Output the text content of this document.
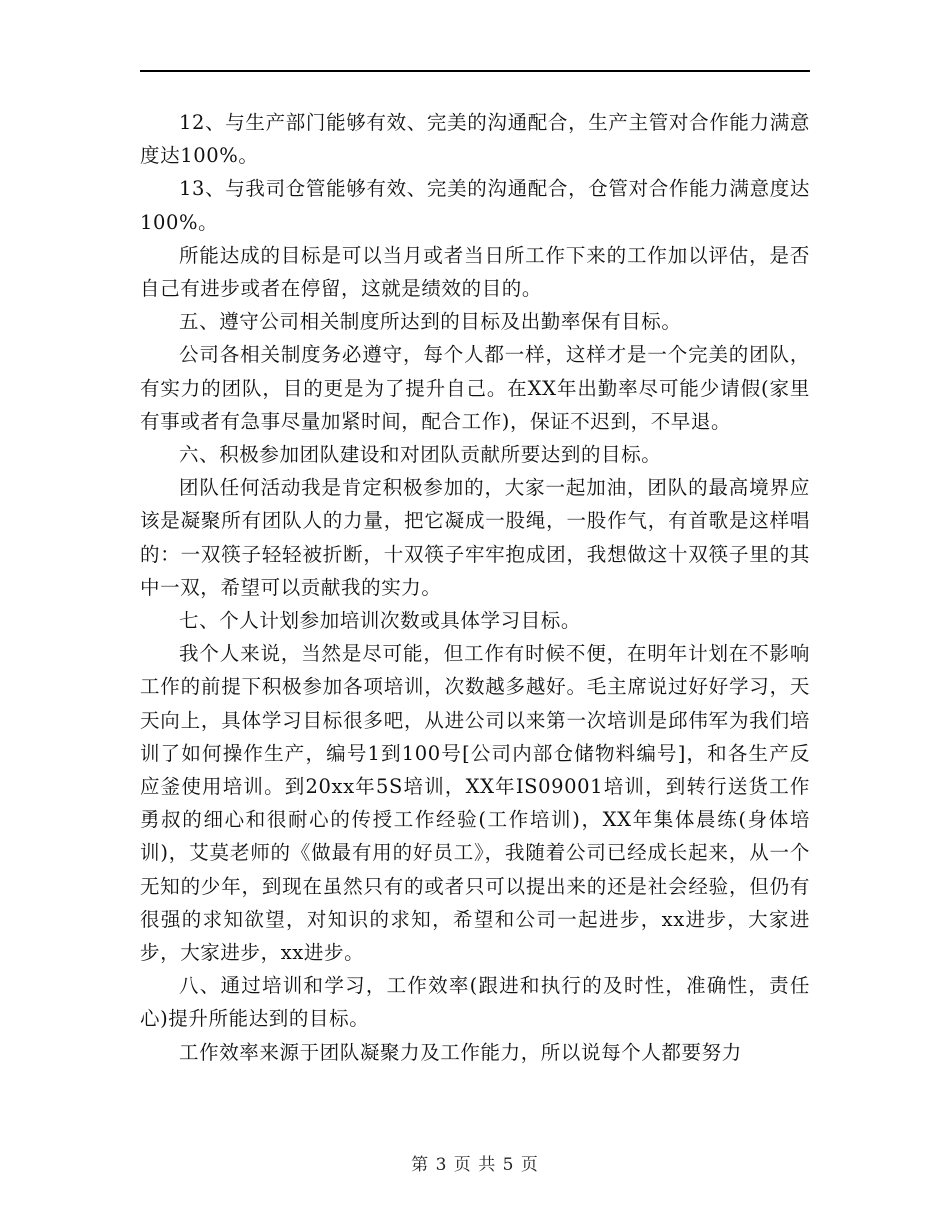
12、与生产部门能够有效、完美的沟通配合，生产主管对合作能力满意度达100%。

13、与我司仓管能够有效、完美的沟通配合，仓管对合作能力满意度达100%。

所能达成的目标是可以当月或者当日所工作下来的工作加以评估，是否自己有进步或者在停留，这就是绩效的目的。

五、遵守公司相关制度所达到的目标及出勤率保有目标。

公司各相关制度务必遵守，每个人都一样，这样才是一个完美的团队，有实力的团队，目的更是为了提升自己。在XX年出勤率尽可能少请假(家里有事或者有急事尽量加紧时间，配合工作)，保证不迟到，不早退。

六、积极参加团队建设和对团队贡献所要达到的目标。

团队任何活动我是肯定积极参加的，大家一起加油，团队的最高境界应该是凝聚所有团队人的力量，把它凝成一股绳，一股作气，有首歌是这样唱的：一双筷子轻轻被折断，十双筷子牢牢抱成团，我想做这十双筷子里的其中一双，希望可以贡献我的实力。

七、个人计划参加培训次数或具体学习目标。

我个人来说，当然是尽可能，但工作有时候不便，在明年计划在不影响工作的前提下积极参加各项培训，次数越多越好。毛主席说过好好学习，天天向上，具体学习目标很多吧，从进公司以来第一次培训是邱伟军为我们培训了如何操作生产，编号1到100号[公司内部仓储物料编号]，和各生产反应釜使用培训。到20xx年5S培训，XX年IS09001培训，到转行送货工作勇叔的细心和很耐心的传授工作经验(工作培训)，XX年集体晨练(身体培训)，艾莫老师的《做最有用的好员工》，我随着公司已经成长起来，从一个无知的少年，到现在虽然只有的或者只可以提出来的还是社会经验，但仍有很强的求知欲望，对知识的求知，希望和公司一起进步，xx进步，大家进步，大家进步，xx进步。

八、通过培训和学习，工作效率(跟进和执行的及时性，准确性，责任心)提升所能达到的目标。

工作效率来源于团队凝聚力及工作能力，所以说每个人都要努力

第 3 页 共 5 页
